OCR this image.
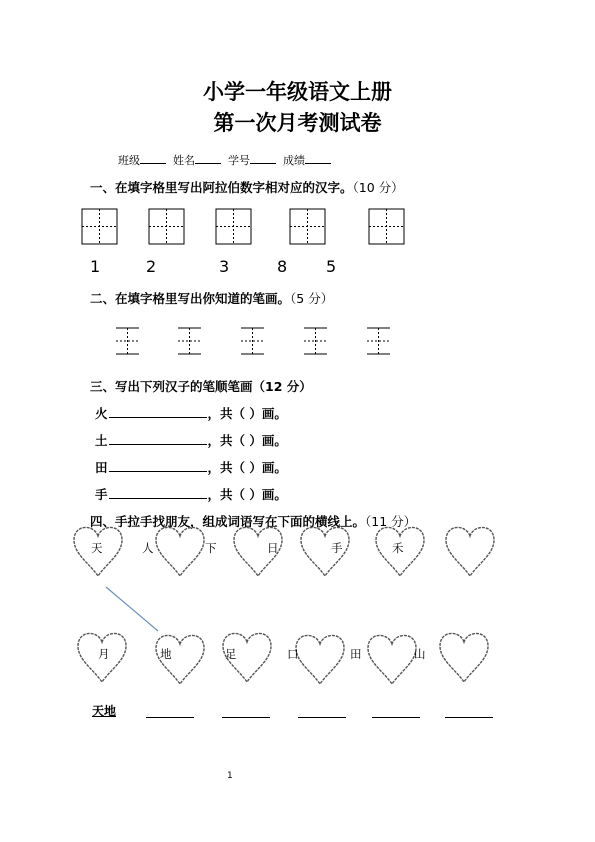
小学一年级语文上册
第一次月考测试卷
班级	姓名	学号	成绩
一、在填字格里写出阿拉伯数字相对应的汉字。（10 分）
1	2	3	8 5
二、在填字格里写出你知道的笔画。（5 分）
三、写出下列汉子的笔顺笔画（12 分）
火	，共（ ）画。
土	，共（ ）画。
田	，共（ ）画。
手	，共（ ）画。
四、手拉手找朋友，组成词语写在下面的横线上。（11 分）
天	人	下	日	手	禾
月	地	足	口	田	山
天地
1
